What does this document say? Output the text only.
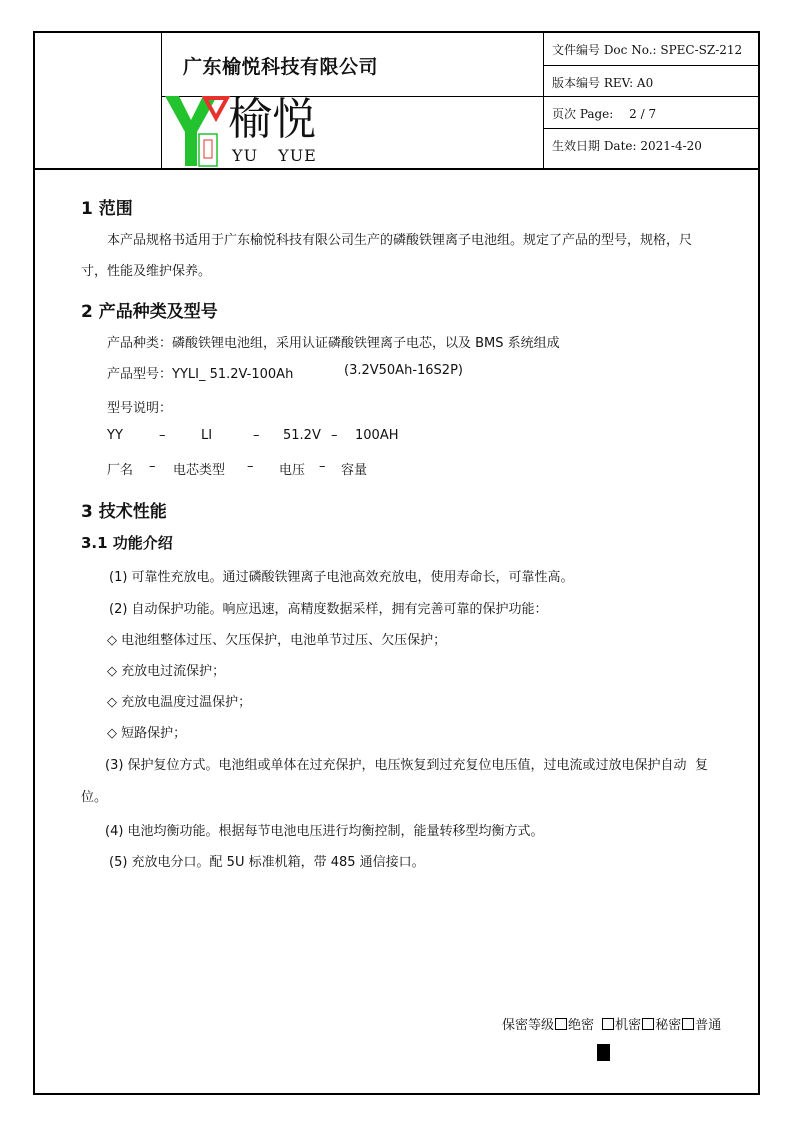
广东榆悦科技有限公司
文件编号 Doc No.: SPEC-SZ-212
版本编号 REV: A0
页次 Page: 2 / 7
生效日期 Date: 2021-4-20
榆悦
YU YUE
1 范围
本产品规格书适用于广东榆悦科技有限公司生产的磷酸铁锂离子电池组。规定了产品的型号，规格，尺
寸，性能及维护保养。
2 产品种类及型号
产品种类：磷酸铁锂电池组，采用认证磷酸铁锂离子电芯，以及 BMS 系统组成
产品型号：YYLI_ 51.2V-100Ah	(3.2V50Ah-16S2P)
型号说明：
YY	–	LI	– 51.2V – 100AH
厂名 – 电芯类型 – 电压 – 容量
3 技术性能
3.1 功能介绍
(1) 可靠性充放电。通过磷酸铁锂离子电池高效充放电，使用寿命长，可靠性高。
(2) 自动保护功能。响应迅速，高精度数据采样，拥有完善可靠的保护功能：
◇ 电池组整体过压、欠压保护，电池单节过压、欠压保护；
◇ 充放电过流保护；
◇ 充放电温度过温保护；
◇ 短路保护；
(3) 保护复位方式。电池组或单体在过充保护，电压恢复到过充复位电压值，过电流或过放电保护自动 复
位。
(4) 电池均衡功能。根据每节电池电压进行均衡控制，能量转移型均衡方式。
(5) 充放电分口。配 5U 标准机箱，带 485 通信接口。
保密等级 绝密 机密 秘密 普通
